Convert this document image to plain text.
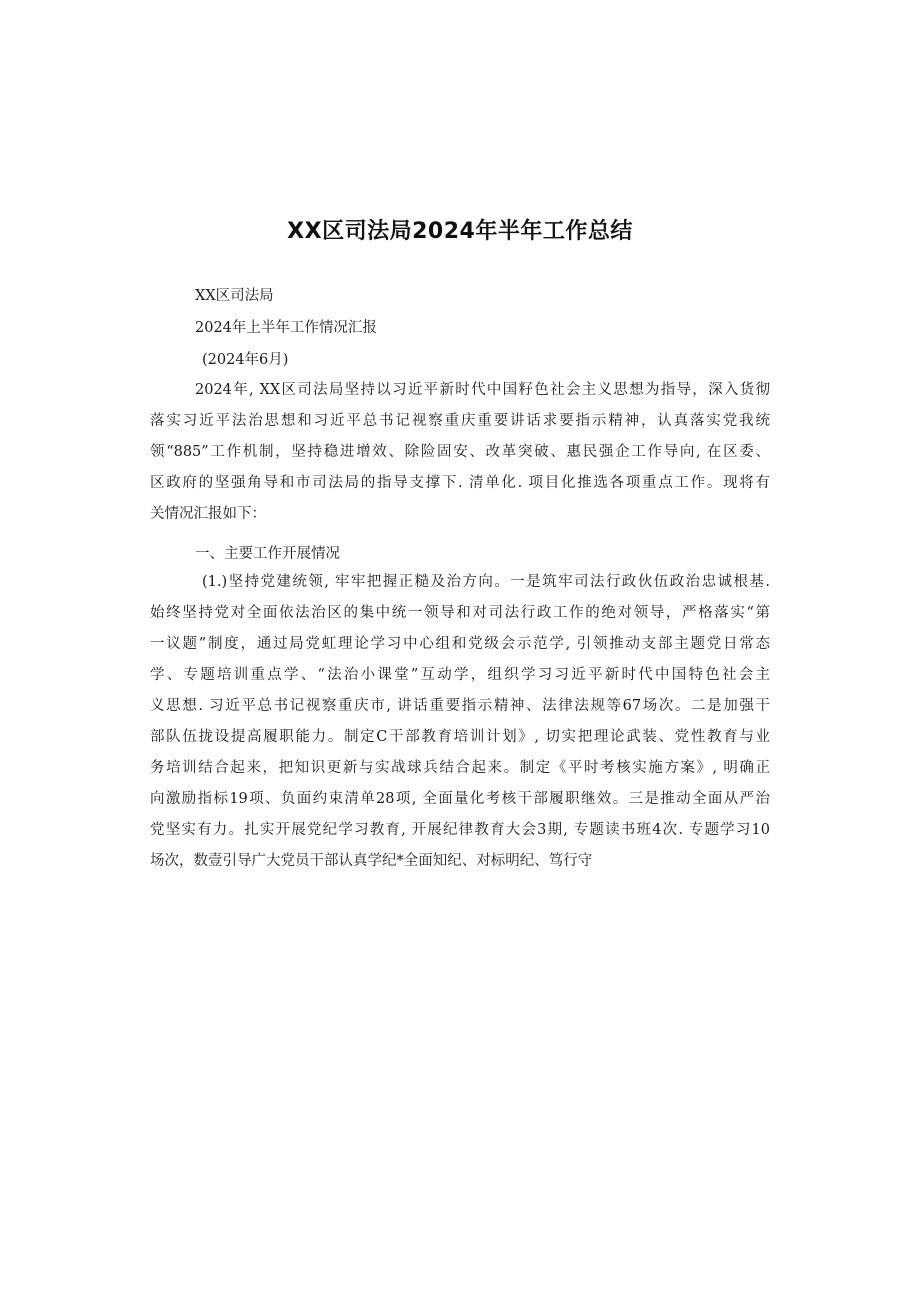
XX区司法局2024年半年工作总结
XX区司法局
2024年上半年工作情况汇报
(2024年6月)
2024年, XX区司法局坚持以习近平新时代中国籽色社会主义思想为指导，深入货彻
落实习近平法治思想和习近平总书记视察重庆重要讲话求要指示精神，认真落实党我统
领“885”工作机制，坚持稳进增效、除险固安、改革突破、惠民强企工作导向, 在区委、
区政府的坚强角导和市司法局的指导支撑下. 清单化. 项目化推选各项重点工作。现将有
关情况汇报如下：
一、主要工作开展情况
(1.)坚持党建统领, 牢牢把握正糙及治方向。一是筑牢司法行政伙伍政治忠诚根基.
始终坚持党对全面依法治区的集中统一领导和对司法行政工作的绝对领导，严格落实“第
一议题”制度，通过局党虹理论学习中心组和党级会示范学, 引领推动支部主题党日常态
学、专题培训重点学、“法治小课堂”互动学，组织学习习近平新时代中国特色社会主
义思想. 习近平总书记视察重庆市, 讲话重要指示精神、法律法规等67场次。二是加强干
部队伍拢设提高履职能力。制定C干部教育培训计划》, 切实把理论武装、党性教育与业
务培训结合起来，把知识更新与实战球兵结合起来。制定《平时考核实施方案》, 明确正
向激励指标19项、负面约束清单28项, 全面量化考核干部履职继效。三是推动全面从严治
党坚实有力。扎实开展党纪学习教育, 开展纪律教育大会3期, 专题读书班4次. 专题学习10
场次，数壹引导广大党员干部认真学纪*全面知纪、对标明纪、笃行守
